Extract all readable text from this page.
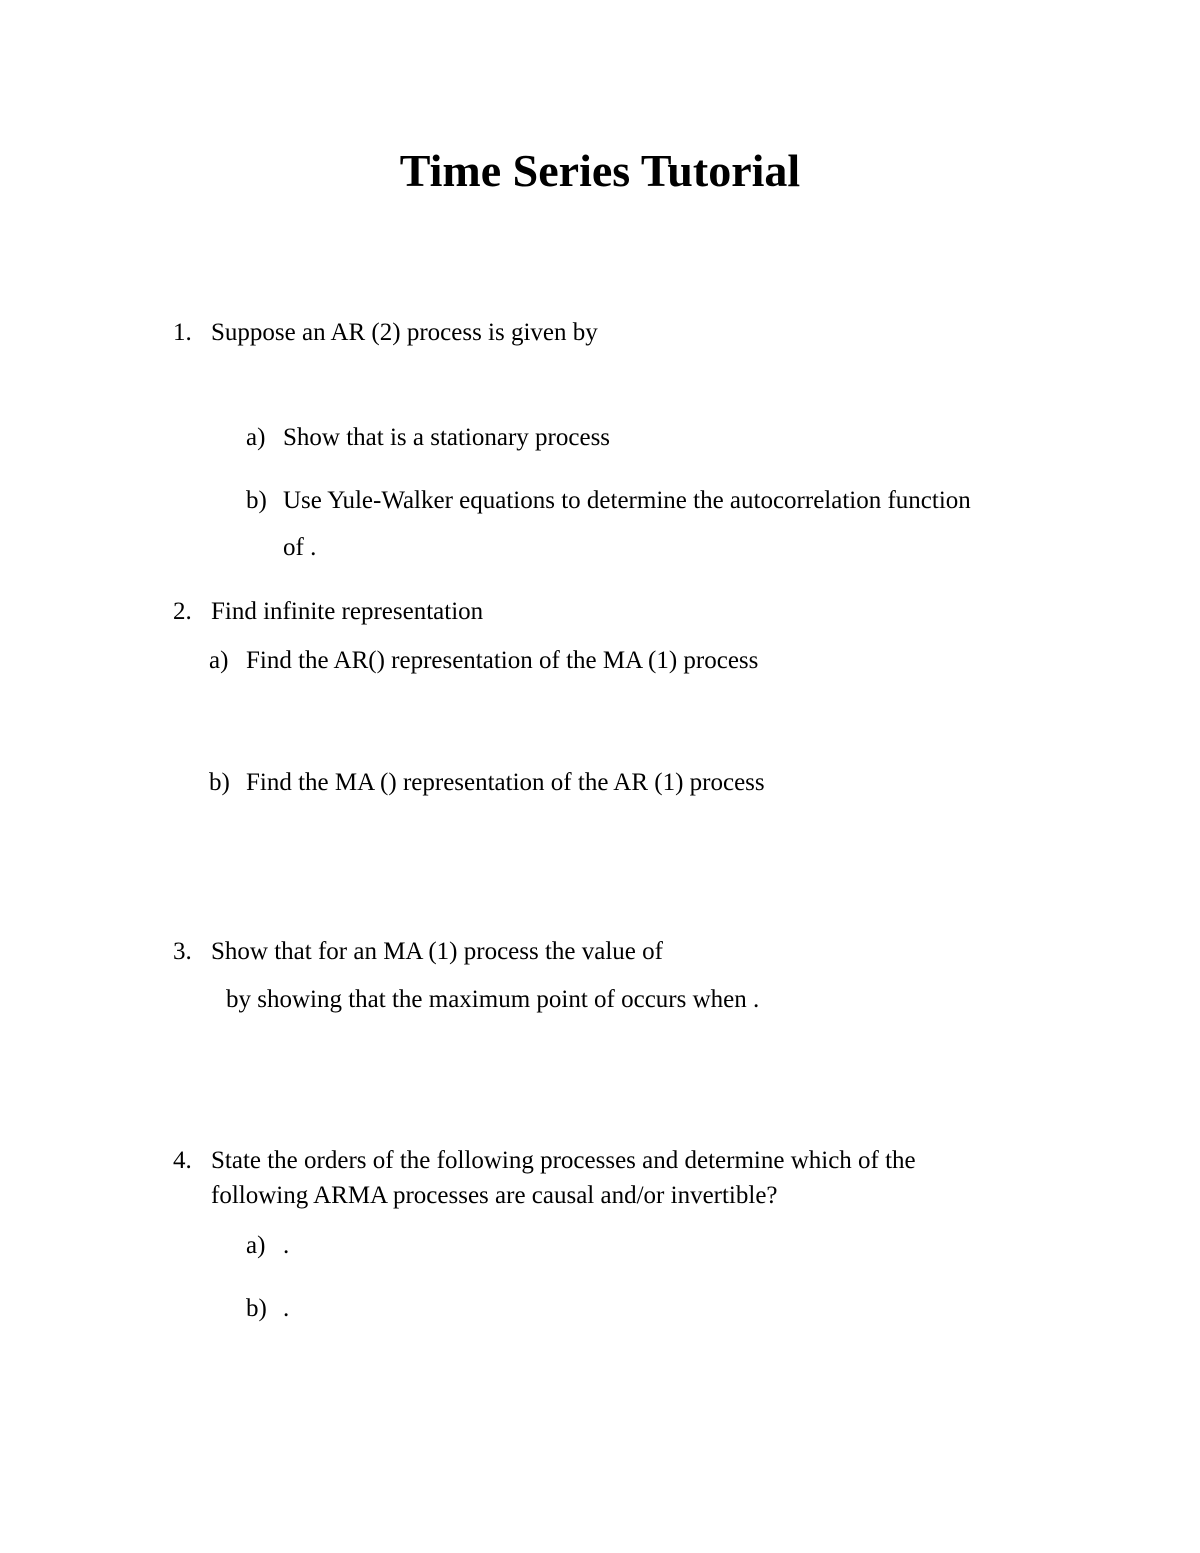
Time Series Tutorial
1. Suppose an AR (2) process is given by
a) Show that is a stationary process
b) Use Yule-Walker equations to determine the autocorrelation function
of .
2. Find infinite representation
a) Find the AR() representation of the MA (1) process
b) Find the MA () representation of the AR (1) process
3. Show that for an MA (1) process the value of
by showing that the maximum point of occurs when .
4. State the orders of the following processes and determine which of the
following ARMA processes are causal and/or invertible?
a) .
b) .
